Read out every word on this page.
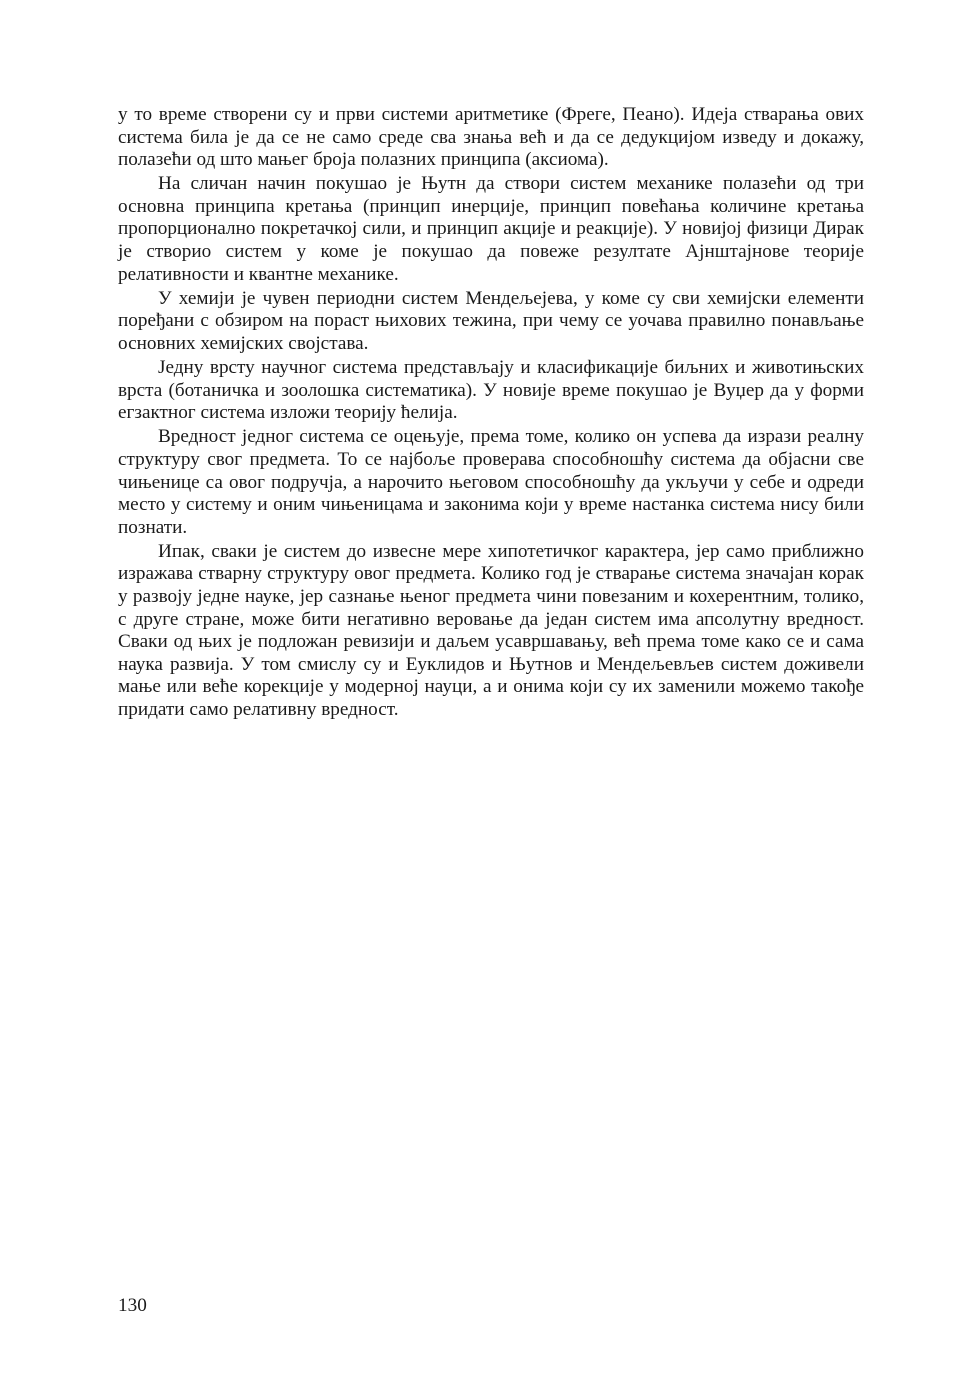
у то време створени су и први системи аритметике (Фреге, Пеано). Идеја стварања ових система била је да се не само среде сва знања већ и да се дедукцијом изведу и докажу, полазећи од што мањег броја полазних принципа (аксиома).

На сличан начин покушао је Њутн да створи систем механике полазећи од три основна принципа кретања (принцип инерције, принцип повећања количине кретања пропорционално покретачкој сили, и принцип акције и реакције). У новијој физици Дирак је створио систем у коме је покушао да повеже резултате Ајнштајнове теорије релативности и квантне механике.

У хемији је чувен периодни систем Мендељејева, у коме су сви хемијски елементи поређани с обзиром на пораст њихових тежина, при чему се уочава правилно понављање основних хемијских својстава.

Једну врсту научног система представљају и класификације биљних и животињских врста (ботаничка и зоолошка систематика). У новије време покушао је Вуџер да у форми егзактног система изложи теорију ћелија.

Вредност једног система се оцењује, према томе, колико он успева да изрази реалну структуру свог предмета. То се најбоље проверава способношћу система да објасни све чињенице са овог подручја, а нарочито његовом способношћу да укључи у себе и одреди место у систему и оним чињеницама и законима који у време настанка система нису били познати.

Ипак, сваки је систем до извесне мере хипотетичког карактера, јер само приближно изражава стварну структуру овог предмета. Колико год је стварање система значајан корак у развоју једне науке, јер сазнање њеног предмета чини повезаним и кохерентним, толико, с друге стране, може бити негативно веровање да један систем има апсолутну вредност. Сваки од њих је подложан ревизији и даљем усавршавању, већ према томе како се и сама наука развија. У том смислу су и Еуклидов и Њутнов и Мендељевљев систем доживели мање или веће корекције у модерној науци, а и онима који су их заменили можемо такође придати само релативну вредност.

130
